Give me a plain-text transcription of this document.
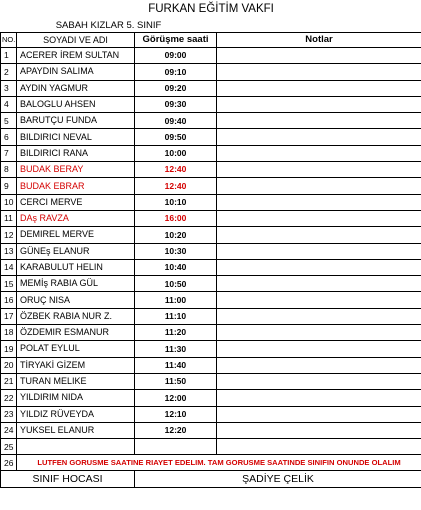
FURKAN EĞİTİM VAKFI			
SABAH KIZLAR 5. SINIF			
NO.	SOYADI VE ADI	Görüşme saati	Notlar
1	ACERER İREM SULTAN	09:00	
2	APAYDIN SALIMA	09:10	
3	AYDIN YAGMUR	09:20	
4	BALOGLU AHSEN	09:30	
5	BARUTÇU FUNDA	09:40	
6	BILDIRICI NEVAL	09:50	
7	BILDIRICI RANA	10:00	
8	BUDAK BERAY	12:40	
9	BUDAK EBRAR	12:40	
10	CERCI MERVE	10:10	
11	DAş RAVZA	16:00	
12	DEMIREL MERVE	10:20	
13	GÜNEş ELANUR	10:30	
14	KARABULUT HELIN	10:40	
15	MEMİş RABIA GÜL	10:50	
16	ORUÇ NISA	11:00	
17	ÖZBEK RABIA NUR Z.	11:10	
18	ÖZDEMIR ESMANUR	11:20	
19	POLAT EYLUL	11:30	
20	TİRYAKİ GİZEM	11:40	
21	TURAN MELIKE	11:50	
22	YILDIRIM NIDA	12:00	
23	YILDIZ RÜVEYDA	12:10	
24	YUKSEL ELANUR	12:20	
25			
26	LUTFEN GORUSME SAATINE RIAYET EDELIM. TAM GORUSME SAATINDE SINIFIN ONUNDE OLALIM		
SINIF HOCASI		ŞADİYE ÇELİK	
